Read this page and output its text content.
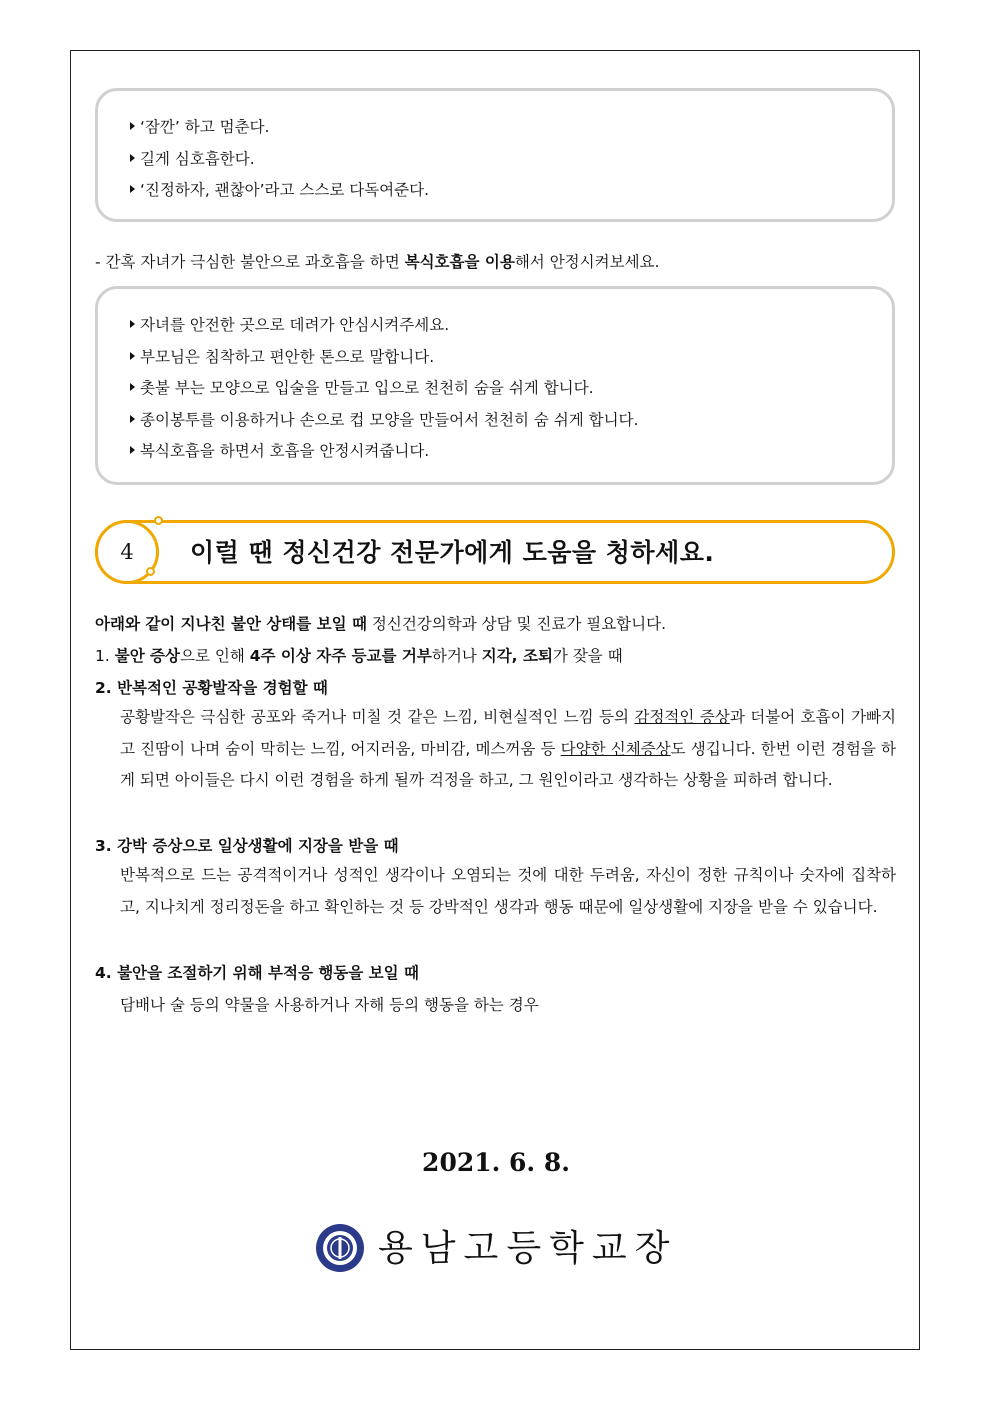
‘잠깐’ 하고 멈춘다.
길게 심호흡한다.
‘진정하자, 괜찮아’라고 스스로 다독여준다.
- 간혹 자녀가 극심한 불안으로 과호흡을 하면 복식호흡을 이용해서 안정시켜보세요.
자녀를 안전한 곳으로 데려가 안심시켜주세요.
부모님은 침착하고 편안한 톤으로 말합니다.
촛불 부는 모양으로 입술을 만들고 입으로 천천히 숨을 쉬게 합니다.
종이봉투를 이용하거나 손으로 컵 모양을 만들어서 천천히 숨 쉬게 합니다.
복식호흡을 하면서 호흡을 안정시켜줍니다.
4	이럴 땐 정신건강 전문가에게 도움을 청하세요.
아래와 같이 지나친 불안 상태를 보일 때 정신건강의학과 상담 및 진료가 필요합니다.
1. 불안 증상으로 인해 4주 이상 자주 등교를 거부하거나 지각, 조퇴가 잦을 때
2. 반복적인 공황발작을 경험할 때
공황발작은 극심한 공포와 죽거나 미칠 것 같은 느낌, 비현실적인 느낌 등의 감정적인 증상과 더불어 호흡이 가빠지고 진땀이 나며 숨이 막히는 느낌, 어지러움, 마비감, 메스꺼움 등 다양한 신체증상도 생깁니다. 한번 이런 경험을 하게 되면 아이들은 다시 이런 경험을 하게 될까 걱정을 하고, 그 원인이라고 생각하는 상황을 피하려 합니다.
3. 강박 증상으로 일상생활에 지장을 받을 때
반복적으로 드는 공격적이거나 성적인 생각이나 오염되는 것에 대한 두려움, 자신이 정한 규칙이나 숫자에 집착하고, 지나치게 정리정돈을 하고 확인하는 것 등 강박적인 생각과 행동 때문에 일상생활에 지장을 받을 수 있습니다.
4. 불안을 조절하기 위해 부적응 행동을 보일 때
담배나 술 등의 약물을 사용하거나 자해 등의 행동을 하는 경우
2021. 6. 8.
용남고등학교장
